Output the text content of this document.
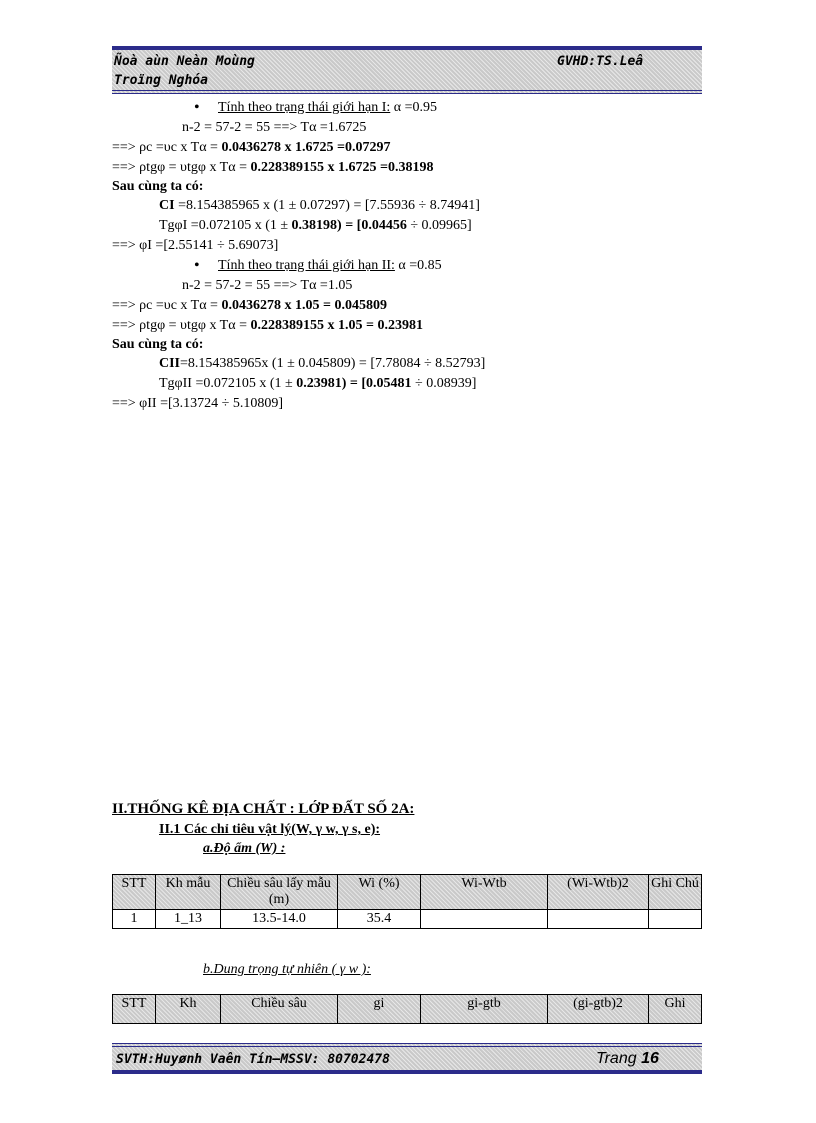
Ñoà aùn Neàn Moùng
Troïng Nghóa
GVHD:TS.Leâ
• Tính theo trạng thái giới hạn I: α =0.95
n-2 = 57-2 = 55 ==> Tα =1.6725
==> ρc =υc x Tα = 0.0436278 x 1.6725 =0.07297
==> ρtgφ = υtgφ x Tα = 0.228389155 x 1.6725 =0.38198
Sau cùng ta có:
CI =8.154385965 x (1 ± 0.07297) = [7.55936 ÷ 8.74941]
TgφI =0.072105 x (1 ± 0.38198) = [0.04456 ÷ 0.09965]
==> φI =[2.55141 ÷ 5.69073]
• Tính theo trạng thái giới hạn II: α =0.85
n-2 = 57-2 = 55 ==> Tα =1.05
==> ρc =υc x Tα = 0.0436278 x 1.05 = 0.045809
==> ρtgφ = υtgφ x Tα = 0.228389155 x 1.05 = 0.23981
Sau cùng ta có:
CII=8.154385965x (1 ± 0.045809) = [7.78084 ÷ 8.52793]
TgφII =0.072105 x (1 ± 0.23981) = [0.05481 ÷ 0.08939]
==> φII =[3.13724 ÷ 5.10809]
II.THỐNG KÊ ĐỊA CHẤT : LỚP ĐẤT SỐ 2A:
II.1 Các chỉ tiêu vật lý(W, γ w, γ s, e):
a.Độ ẩm (W) :
STT	Kh mẫu	Chiều sâu lấy mẫu (m)	Wi (%)	Wi-Wtb	(Wi-Wtb)2	Ghi Chú
1	1_13	13.5-14.0	35.4			
b.Dung trọng tự nhiên ( γ w ):
STT	Kh	Chiều sâu	gi	gi-gtb	(gi-gtb)2	Ghi
SVTH:Huyønh Vaên Tín—MSSV: 80702478	Trang 16
